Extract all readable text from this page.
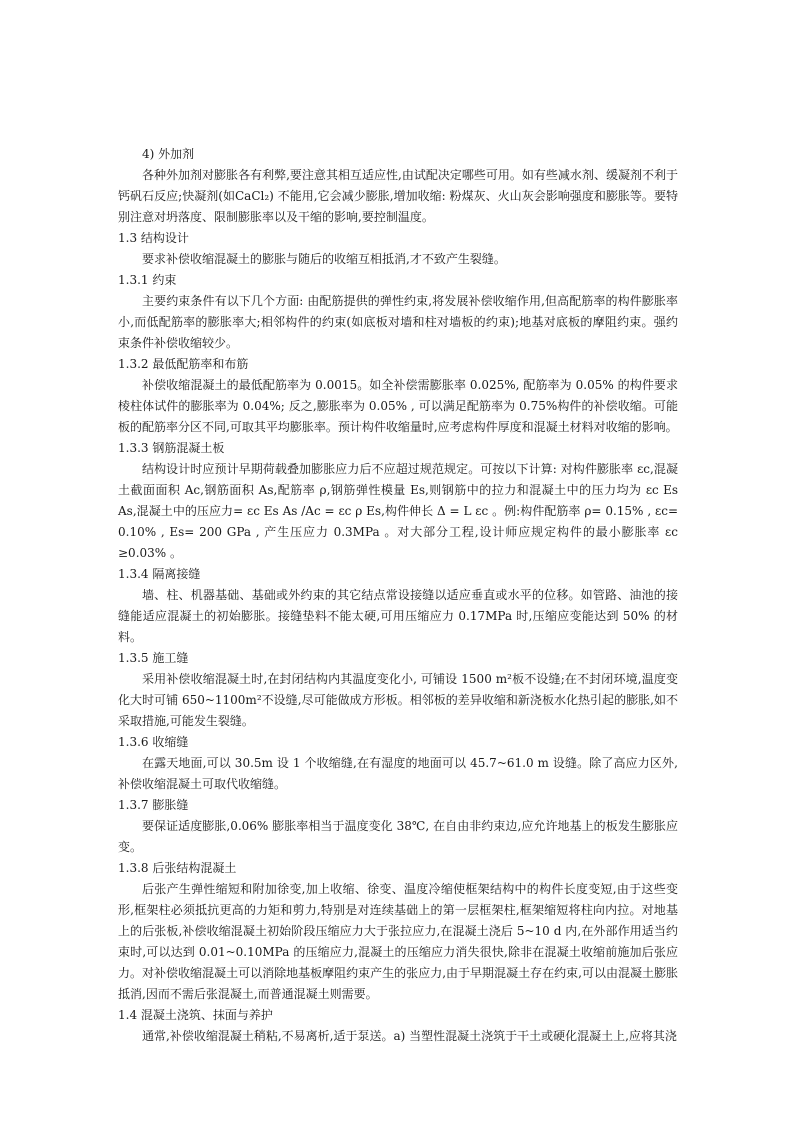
4) 外加剂

各种外加剂对膨胀各有利弊,要注意其相互适应性,由试配决定哪些可用。如有些减水剂、缓凝剂不利于钙矾石反应;快凝剂(如CaCl₂) 不能用,它会减少膨胀,增加收缩: 粉煤灰、火山灰会影响强度和膨胀等。要特别注意对坍落度、限制膨胀率以及干缩的影响,要控制温度。

1.3 结构设计

要求补偿收缩混凝土的膨胀与随后的收缩互相抵消,才不致产生裂缝。

1.3.1 约束

主要约束条件有以下几个方面: 由配筋提供的弹性约束,将发展补偿收缩作用,但高配筋率的构件膨胀率小,而低配筋率的膨胀率大;相邻构件的约束(如底板对墙和柱对墙板的约束);地基对底板的摩阻约束。强约束条件补偿收缩较少。

1.3.2 最低配筋率和布筋

补偿收缩混凝土的最低配筋率为 0.0015。如全补偿需膨胀率 0.025%, 配筋率为 0.05% 的构件要求棱柱体试件的膨胀率为 0.04%; 反之,膨胀率为 0.05% , 可以满足配筋率为 0.75%构件的补偿收缩。可能板的配筋率分区不同,可取其平均膨胀率。预计构件收缩量时,应考虑构件厚度和混凝土材料对收缩的影响。

1.3.3 钢筋混凝土板

结构设计时应预计早期荷载叠加膨胀应力后不应超过规范规定。可按以下计算: 对构件膨胀率 εc,混凝土截面面积 Ac,钢筋面积 As,配筋率 ρ,钢筋弹性模量 Es,则钢筋中的拉力和混凝土中的压力均为 εc Es As,混凝土中的压应力= εc Es As /Ac = εc ρ Es,构件伸长 Δ = L εc 。例:构件配筋率 ρ= 0.15% , εc= 0.10% , Es= 200 GPa , 产生压应力 0.3MPa 。对大部分工程,设计师应规定构件的最小膨胀率 εc ≥0.03% 。

1.3.4 隔离接缝

墙、柱、机器基础、基础或外约束的其它结点常设接缝以适应垂直或水平的位移。如管路、油池的接缝能适应混凝土的初始膨胀。接缝垫料不能太硬,可用压缩应力 0.17MPa 时,压缩应变能达到 50% 的材料。

1.3.5 施工缝

采用补偿收缩混凝土时,在封闭结构内其温度变化小, 可铺设 1500 m²板不设缝;在不封闭环境,温度变化大时可铺 650~1100m²不设缝,尽可能做成方形板。相邻板的差异收缩和新浇板水化热引起的膨胀,如不采取措施,可能发生裂缝。

1.3.6 收缩缝

在露天地面,可以 30.5m 设 1 个收缩缝,在有湿度的地面可以 45.7~61.0 m 设缝。除了高应力区外,补偿收缩混凝土可取代收缩缝。

1.3.7 膨胀缝

要保证适度膨胀,0.06% 膨胀率相当于温度变化 38℃, 在自由非约束边,应允许地基上的板发生膨胀应变。

1.3.8 后张结构混凝土

后张产生弹性缩短和附加徐变,加上收缩、徐变、温度冷缩使框架结构中的构件长度变短,由于这些变形,框架柱必须抵抗更高的力矩和剪力,特别是对连续基础上的第一层框架柱,框架缩短将柱向内拉。对地基上的后张板,补偿收缩混凝土初始阶段压缩应力大于张拉应力,在混凝土浇后 5~10 d 内,在外部作用适当约束时,可以达到 0.01~0.10MPa 的压缩应力,混凝土的压缩应力消失很快,除非在混凝土收缩前施加后张应力。对补偿收缩混凝土可以消除地基板摩阻约束产生的张应力,由于早期混凝土存在约束,可以由混凝土膨胀抵消,因而不需后张混凝土,而普通混凝土则需要。

1.4 混凝土浇筑、抹面与养护

通常,补偿收缩混凝土稍粘,不易离析,适于泵送。a) 当塑性混凝土浇筑于干土或硬化混凝土上,应将其浇
